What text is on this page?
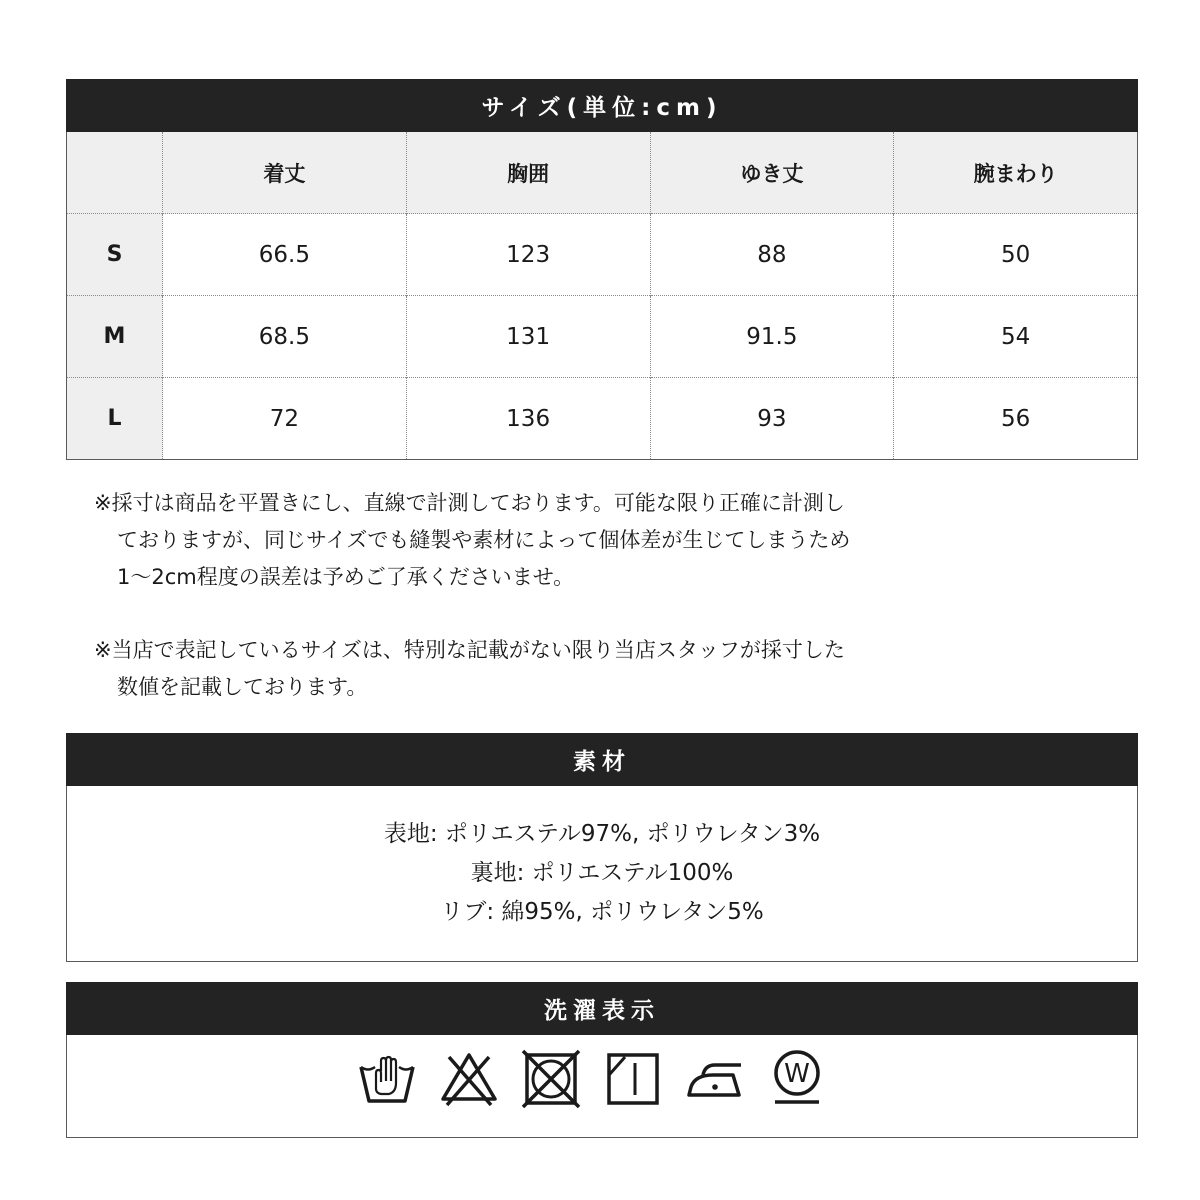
サイズ(単位:cm)
	着丈	胸囲	ゆき丈	腕まわり
S	66.5	123	88	50
M	68.5	131	91.5	54
L	72	136	93	56

※採寸は商品を平置きにし、直線で計測しております。可能な限り正確に計測し

ておりますが、同じサイズでも縫製や素材によって個体差が生じてしまうため

1〜2cm程度の誤差は予めご了承くださいませ。

※当店で表記しているサイズは、特別な記載がない限り当店スタッフが採寸した

数値を記載しております。

素材
表地: ポリエステル97%, ポリウレタン3%
裏地: ポリエステル100%
リブ: 綿95%, ポリウレタン5%
洗濯表示
W
